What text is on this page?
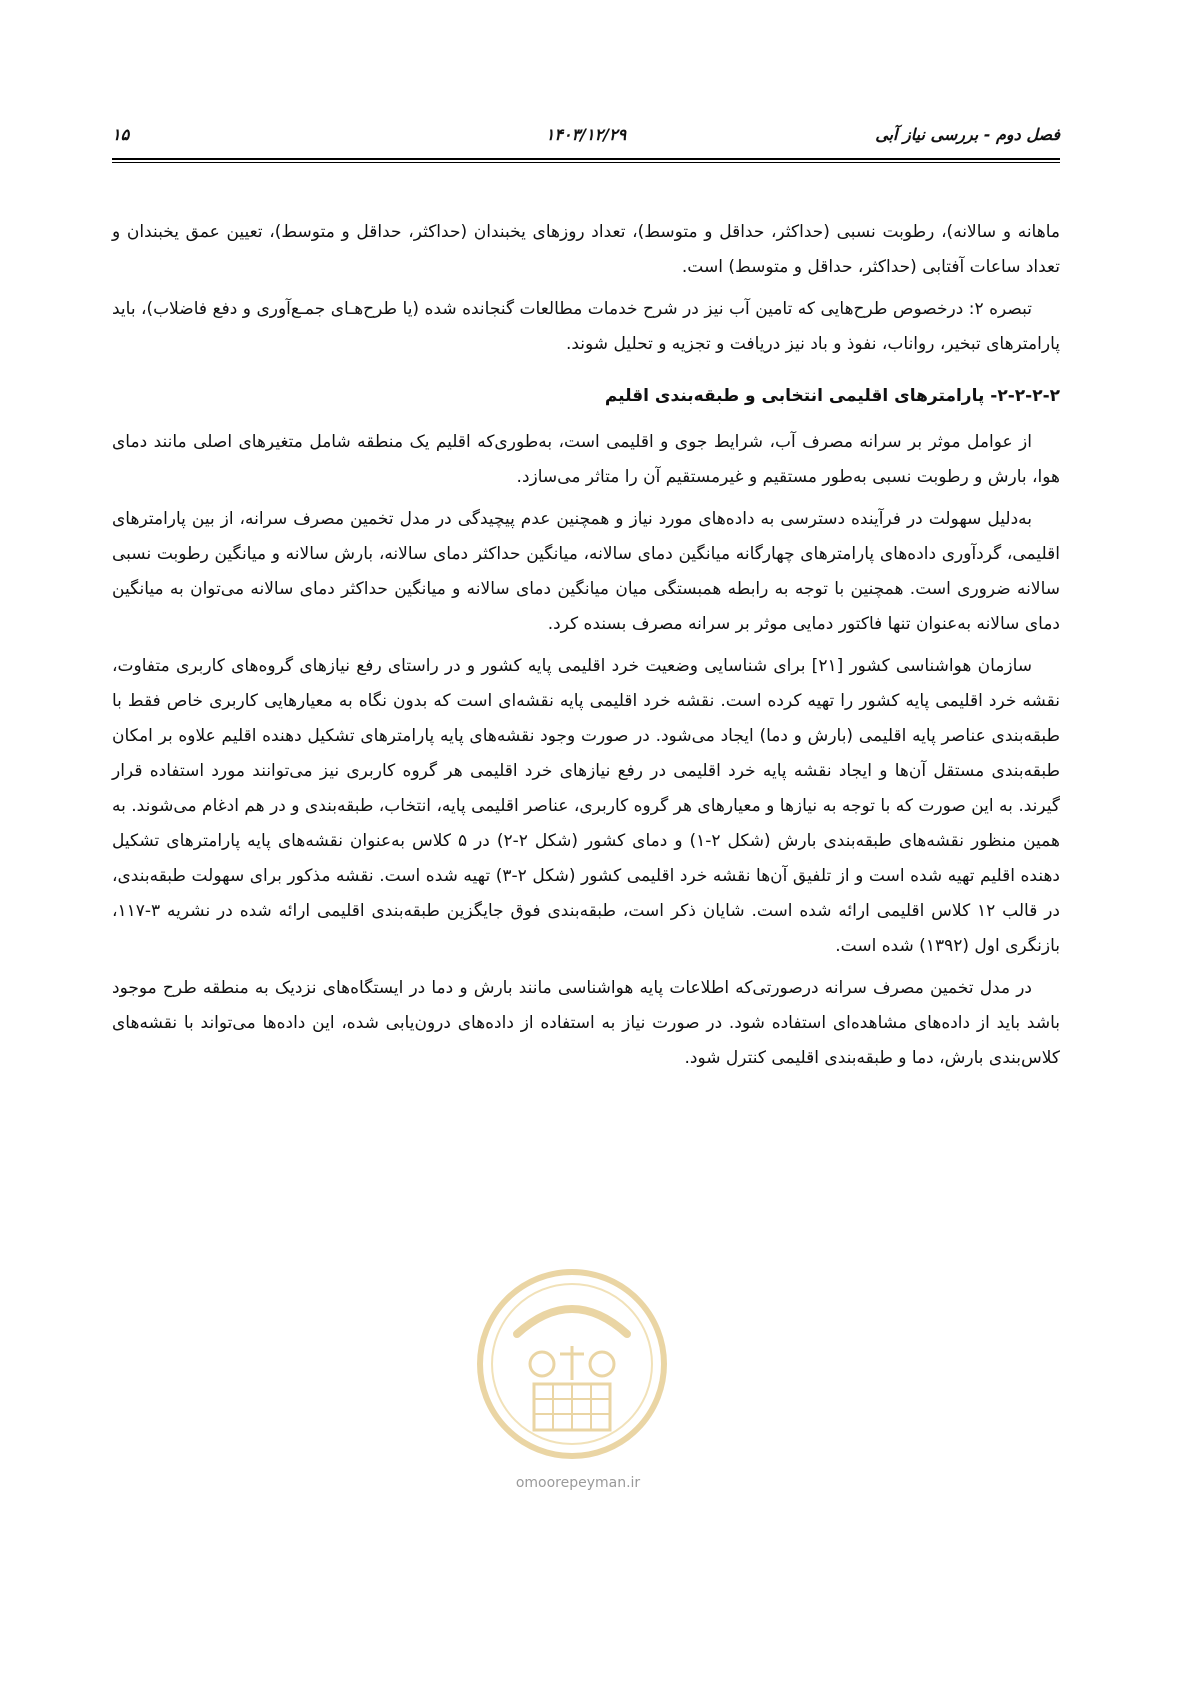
۱۵	۱۴۰۳/۱۲/۲۹	فصل دوم - بررسی نیاز آبی

ماهانه و سالانه)، رطوبت نسبی (حداکثر، حداقل و متوسط)، تعداد روزهای یخبندان (حداکثر، حداقل و متوسط)، تعیین عمق یخبندان و تعداد ساعات آفتابی (حداکثر، حداقل و متوسط) است.

تبصره ۲: درخصوص طرح‌هایی که تامین آب نیز در شرح خدمات مطالعات گنجانده شده (یا طرح‌هـای جمـع‌آوری و دفع فاضلاب)، باید پارامترهای تبخیر، رواناب، نفوذ و باد نیز دریافت و تجزیه و تحلیل شوند.

۲-۲-۲-۲- پارامترهای اقلیمی انتخابی و طبقه‌بندی اقلیم

از عوامل موثر بر سرانه مصرف آب، شرایط جوی و اقلیمی است، به‌طوری‌که اقلیم یک منطقه شامل متغیرهای اصلی مانند دمای هوا، بارش و رطوبت نسبی به‌طور مستقیم و غیرمستقیم آن را متاثر می‌سازد.

به‌دلیل سهولت در فرآینده دسترسی به داده‌های مورد نیاز و همچنین عدم پیچیدگی در مدل تخمین مصرف سرانه، از بین پارامترهای اقلیمی، گردآوری داده‌های پارامترهای چهارگانه میانگین دمای سالانه، میانگین حداکثر دمای سالانه، بارش سالانه و میانگین رطوبت نسبی سالانه ضروری است. همچنین با توجه به رابطه همبستگی میان میانگین دمای سالانه و میانگین حداکثر دمای سالانه می‌توان به میانگین دمای سالانه به‌عنوان تنها فاکتور دمایی موثر بر سرانه مصرف بسنده کرد.

سازمان هواشناسی کشور [۲۱] برای شناسایی وضعیت خرد اقلیمی پایه کشور و در راستای رفع نیازهای گروه‌های کاربری متفاوت، نقشه خرد اقلیمی پایه کشور را تهیه کرده است. نقشه خرد اقلیمی پایه نقشه‌ای است که بدون نگاه به معیارهایی کاربری خاص فقط با طبقه‌بندی عناصر پایه اقلیمی (بارش و دما) ایجاد می‌شود. در صورت وجود نقشه‌های پایه پارامترهای تشکیل دهنده اقلیم علاوه بر امکان طبقه‌بندی مستقل آن‌ها و ایجاد نقشه پایه خرد اقلیمی در رفع نیازهای خرد اقلیمی هر گروه کاربری نیز می‌توانند مورد استفاده قرار گیرند. به این صورت که با توجه به نیازها و معیارهای هر گروه کاربری، عناصر اقلیمی پایه، انتخاب، طبقه‌بندی و در هم ادغام می‌شوند. به همین منظور نقشه‌های طبقه‌بندی بارش (شکل ۲-۱) و دمای کشور (شکل ۲-۲) در ۵ کلاس به‌عنوان نقشه‌های پایه پارامترهای تشکیل دهنده اقلیم تهیه شده است و از تلفیق آن‌ها نقشه خرد اقلیمی کشور (شکل ۲-۳) تهیه شده است. نقشه مذکور برای سهولت طبقه‌بندی، در قالب ۱۲ کلاس اقلیمی ارائه شده است. شایان ذکر است، طبقه‌بندی فوق جایگزین طبقه‌بندی اقلیمی ارائه شده در نشریه ۳-۱۱۷، بازنگری اول (۱۳۹۲) شده است.

در مدل تخمین مصرف سرانه درصورتی‌که اطلاعات پایه هواشناسی مانند بارش و دما در ایستگاه‌های نزدیک به منطقه طرح موجود باشد باید از داده‌های مشاهده‌ای استفاده شود. در صورت نیاز به استفاده از داده‌های درون‌یابی شده، این داده‌ها می‌تواند با نقشه‌های کلاس‌بندی بارش، دما و طبقه‌بندی اقلیمی کنترل شود.

omoorepeyman.ir
